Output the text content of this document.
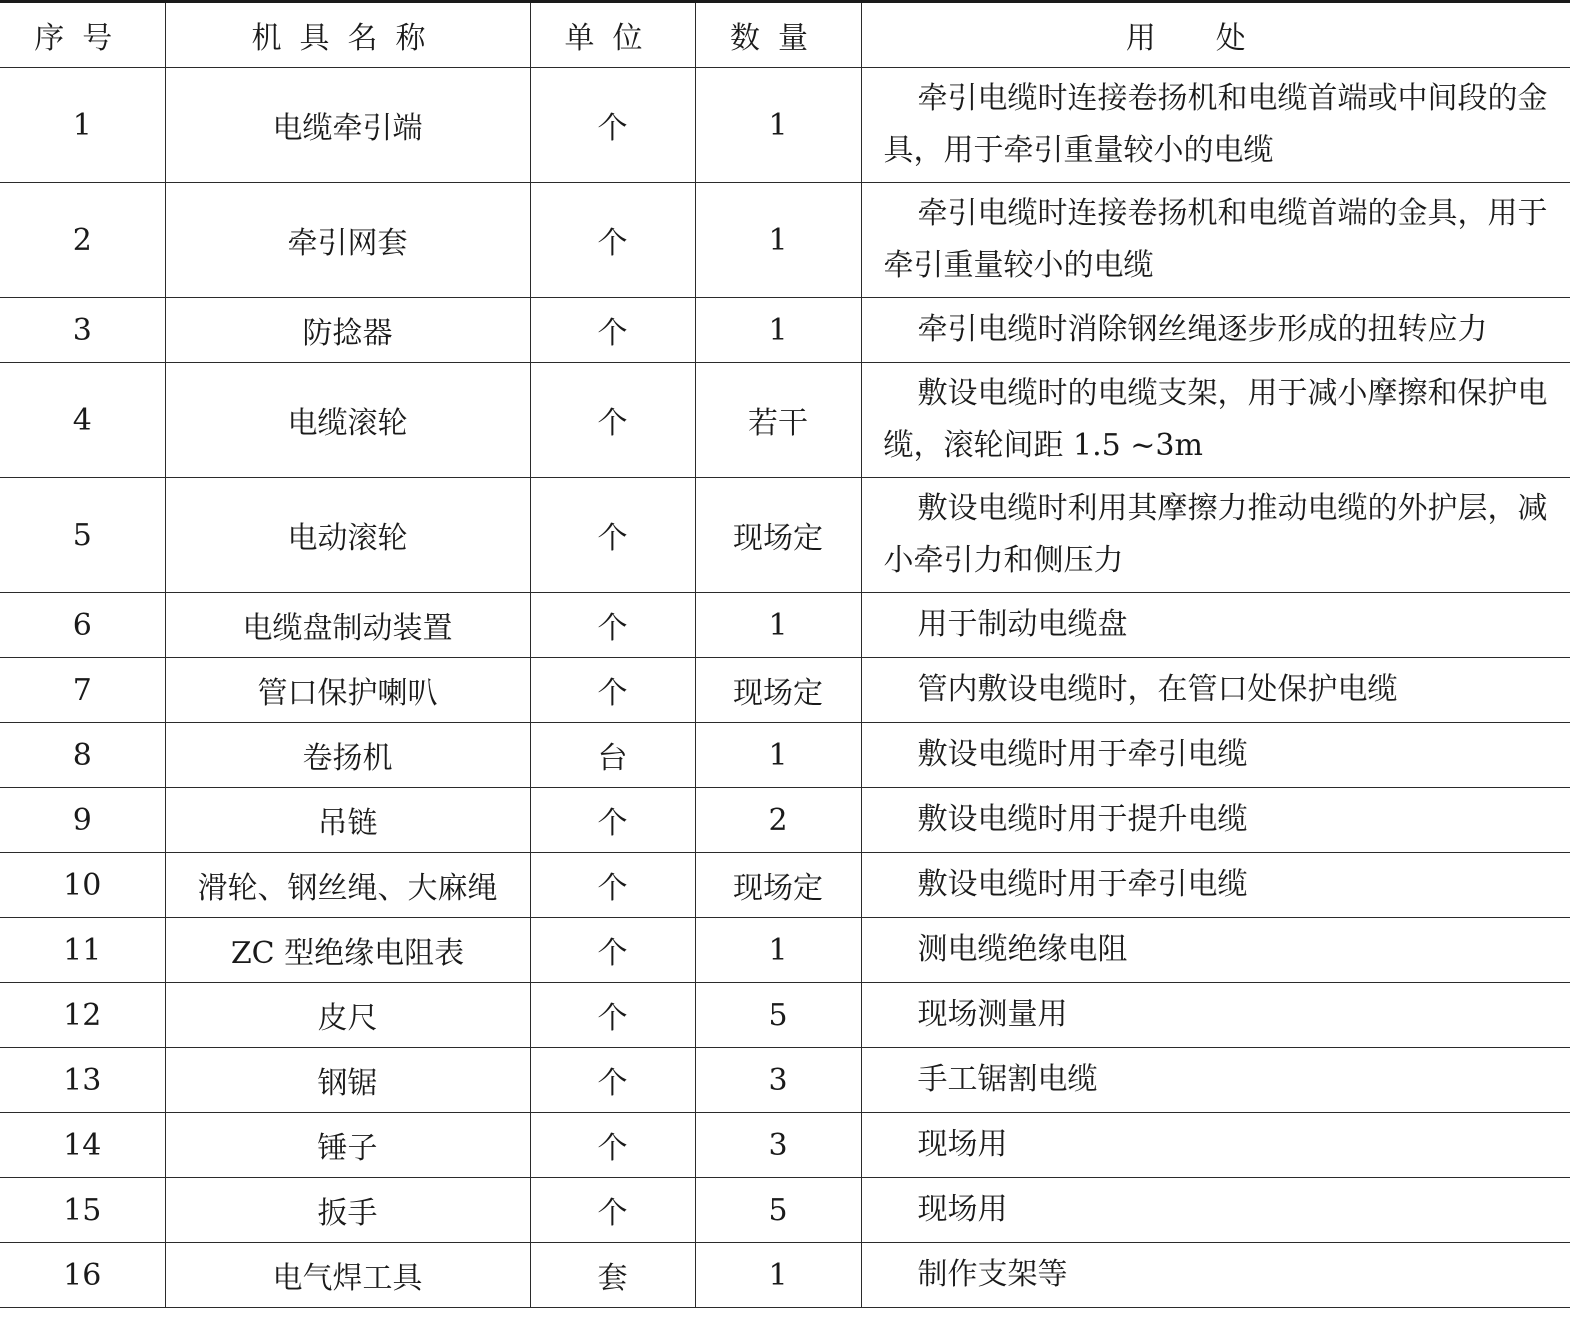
序号	机具名称	单位	数量	用处
1	电缆牵引端	个	1	牵引电缆时连接卷扬机和电缆首端或中间段的金具，用于牵引重量较小的电缆
2	牵引网套	个	1	牵引电缆时连接卷扬机和电缆首端的金具，用于牵引重量较小的电缆
3	防捻器	个	1	牵引电缆时消除钢丝绳逐步形成的扭转应力
4	电缆滚轮	个	若干	敷设电缆时的电缆支架，用于减小摩擦和保护电缆，滚轮间距 1.5 ~3m
5	电动滚轮	个	现场定	敷设电缆时利用其摩擦力推动电缆的外护层，减小牵引力和侧压力
6	电缆盘制动装置	个	1	用于制动电缆盘
7	管口保护喇叭	个	现场定	管内敷设电缆时，在管口处保护电缆
8	卷扬机	台	1	敷设电缆时用于牵引电缆
9	吊链	个	2	敷设电缆时用于提升电缆
10	滑轮、钢丝绳、大麻绳	个	现场定	敷设电缆时用于牵引电缆
11	ZC 型绝缘电阻表	个	1	测电缆绝缘电阻
12	皮尺	个	5	现场测量用
13	钢锯	个	3	手工锯割电缆
14	锤子	个	3	现场用
15	扳手	个	5	现场用
16	电气焊工具	套	1	制作支架等
